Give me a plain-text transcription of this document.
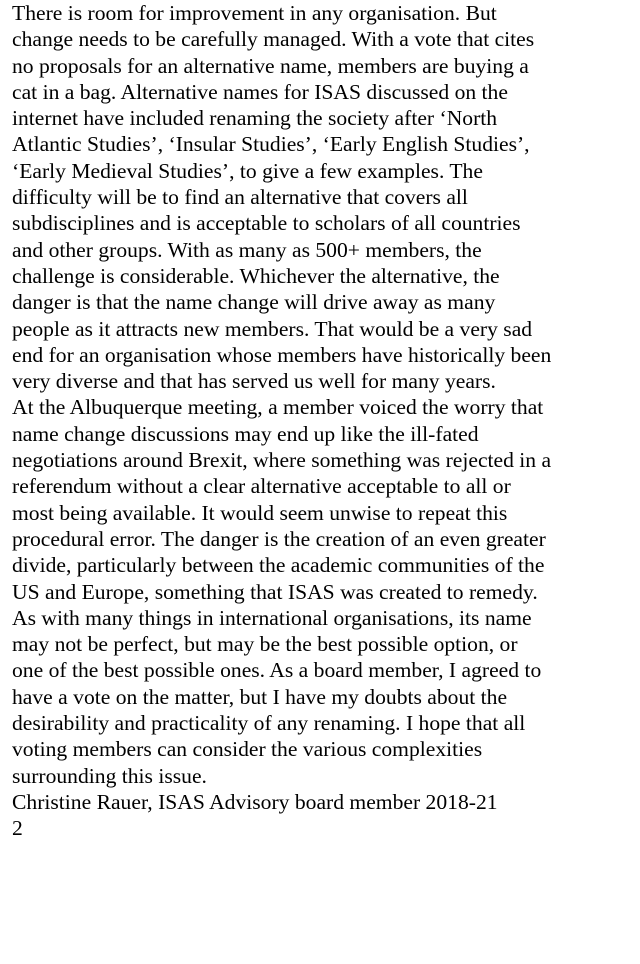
There is room for improvement in any organisation. But
change needs to be carefully managed. With a vote that cites
no proposals for an alternative name, members are buying a
cat in a bag. Alternative names for ISAS discussed on the
internet have included renaming the society after ‘North
Atlantic Studies’, ‘Insular Studies’, ‘Early English Studies’,
‘Early Medieval Studies’, to give a few examples. The
difficulty will be to find an alternative that covers all
subdisciplines and is acceptable to scholars of all countries
and other groups. With as many as 500+ members, the
challenge is considerable. Whichever the alternative, the
danger is that the name change will drive away as many
people as it attracts new members. That would be a very sad
end for an organisation whose members have historically been
very diverse and that has served us well for many years.
At the Albuquerque meeting, a member voiced the worry that
name change discussions may end up like the ill-fated
negotiations around Brexit, where something was rejected in a
referendum without a clear alternative acceptable to all or
most being available. It would seem unwise to repeat this
procedural error. The danger is the creation of an even greater
divide, particularly between the academic communities of the
US and Europe, something that ISAS was created to remedy.
As with many things in international organisations, its name
may not be perfect, but may be the best possible option, or
one of the best possible ones. As a board member, I agreed to
have a vote on the matter, but I have my doubts about the
desirability and practicality of any renaming. I hope that all
voting members can consider the various complexities
surrounding this issue.
Christine Rauer, ISAS Advisory board member 2018-21
2
